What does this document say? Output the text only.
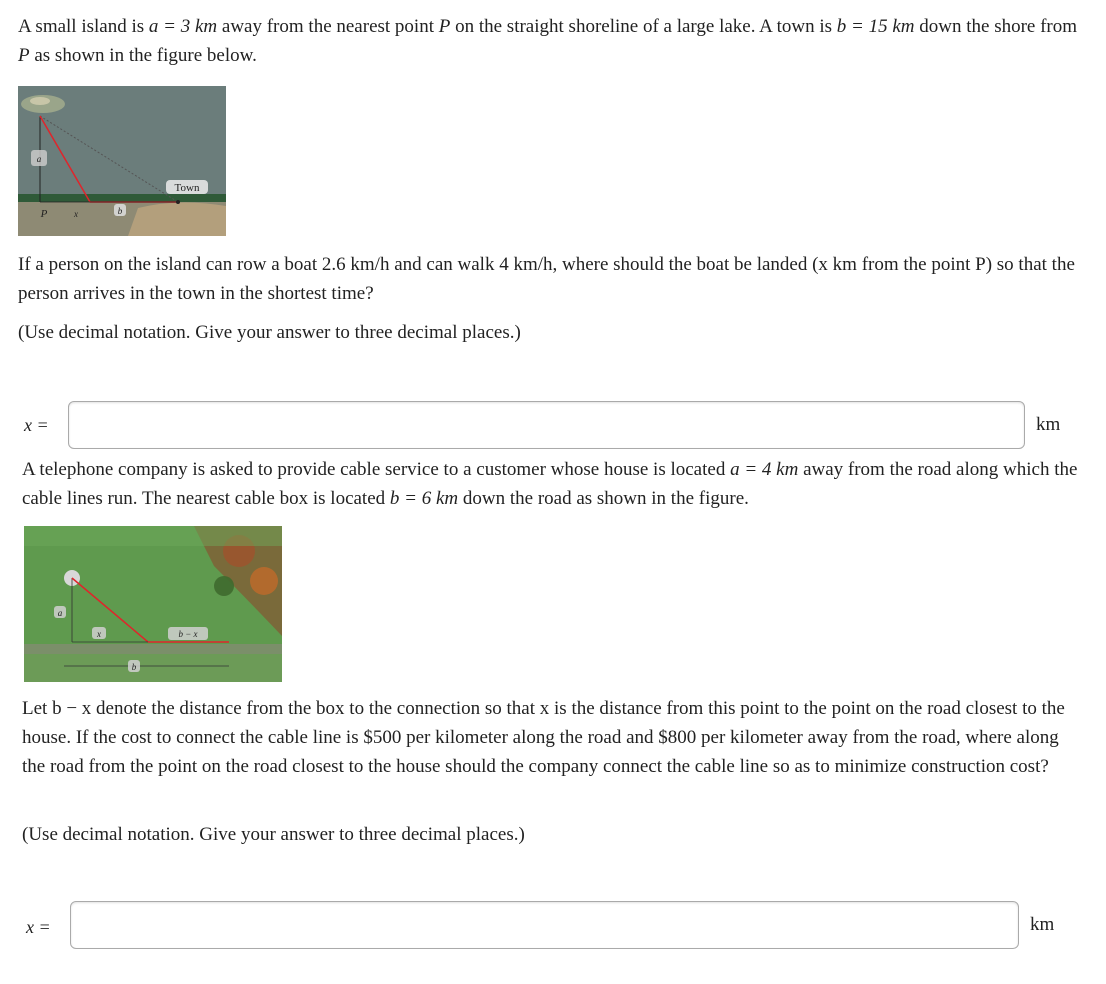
A small island is a = 3 km away from the nearest point P on the straight shoreline of a large lake. A town is b = 15 km down the shore from P as shown in the figure below.

a
Town
P	x	b

If a person on the island can row a boat 2.6 km/h and can walk 4 km/h, where should the boat be landed (x km from the point P) so that the person arrives in the town in the shortest time?

(Use decimal notation. Give your answer to three decimal places.)

x =	km

A telephone company is asked to provide cable service to a customer whose house is located a = 4 km away from the road along which the cable lines run. The nearest cable box is located b = 6 km down the road as shown in the figure.

a
x	b − x
b

Let b − x denote the distance from the box to the connection so that x is the distance from this point to the point on the road closest to the house. If the cost to connect the cable line is $500 per kilometer along the road and $800 per kilometer away from the road, where along the road from the point on the road closest to the house should the company connect the cable line so as to minimize construction cost?

(Use decimal notation. Give your answer to three decimal places.)

x =	km
